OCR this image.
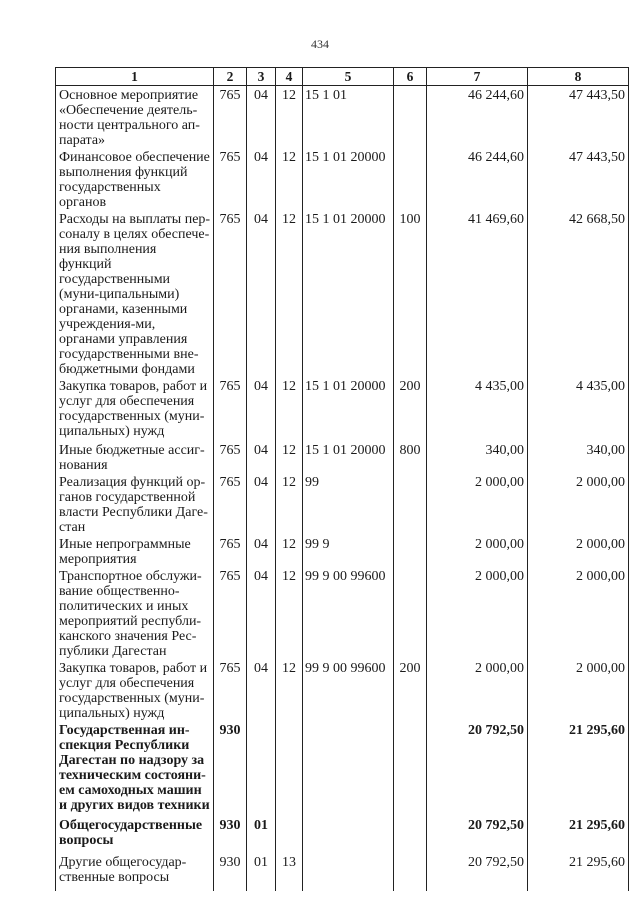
434
1	2	3	4	5	6	7	8
Основное мероприятие «Обеспечение деятель-ности центрального ап-парата»	765	04	12	15 1 01		46 244,60	47 443,50
Финансовое обеспечение выполнения функций государственных органов	765	04	12	15 1 01 20000		46 244,60	47 443,50
Расходы на выплаты пер-соналу в целях обеспече-ния выполнения функций государственными (муни-ципальными) органами, казенными учреждения-ми, органами управления государственными вне-бюджетными фондами	765	04	12	15 1 01 20000	100	41 469,60	42 668,50
Закупка товаров, работ и услуг для обеспечения государственных (муни-ципальных) нужд	765	04	12	15 1 01 20000	200	4 435,00	4 435,00
Иные бюджетные ассиг-нования	765	04	12	15 1 01 20000	800	340,00	340,00
Реализация функций ор-ганов государственной власти Республики Даге-стан	765	04	12	99		2 000,00	2 000,00
Иные непрограммные мероприятия	765	04	12	99 9		2 000,00	2 000,00
Транспортное обслужи-вание общественно-политических и иных мероприятий республи-канского значения Рес-публики Дагестан	765	04	12	99 9 00 99600		2 000,00	2 000,00
Закупка товаров, работ и услуг для обеспечения государственных (муни-ципальных) нужд	765	04	12	99 9 00 99600	200	2 000,00	2 000,00
Государственная ин-спекция Республики Дагестан по надзору за техническим состояни-ем самоходных машин и других видов техники	930					20 792,50	21 295,60
Общегосударственные вопросы	930	01				20 792,50	21 295,60
Другие общегосудар-ственные вопросы	930	01	13			20 792,50	21 295,60
